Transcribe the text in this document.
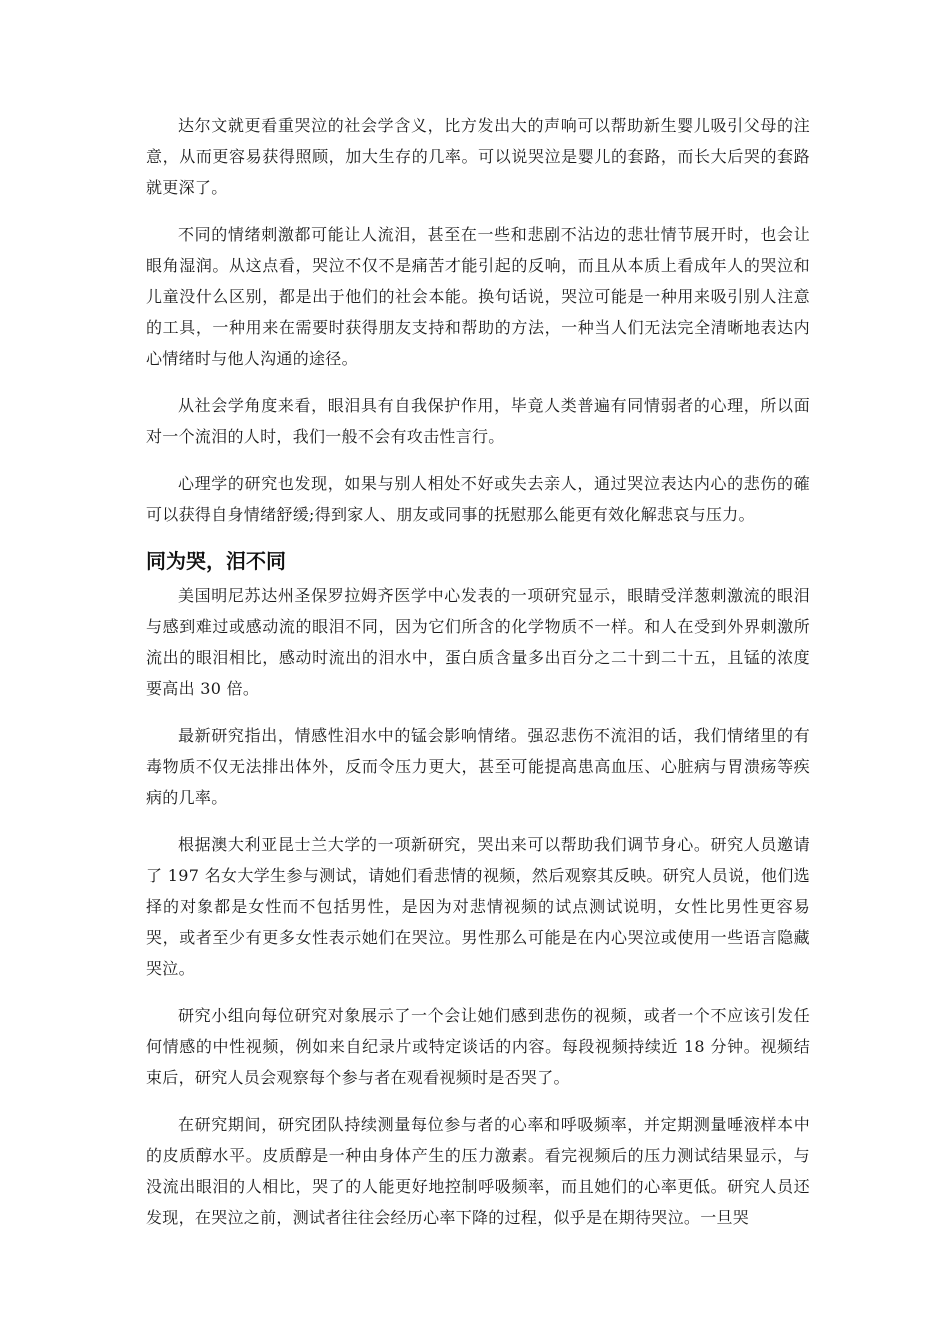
达尔文就更看重哭泣的社会学含义，比方发出大的声响可以帮助新生婴儿吸引父母的注意，从而更容易获得照顾，加大生存的几率。可以说哭泣是婴儿的套路，而长大后哭的套路就更深了。

不同的情绪刺激都可能让人流泪，甚至在一些和悲剧不沾边的悲壮情节展开时，也会让眼角湿润。从这点看，哭泣不仅不是痛苦才能引起的反响，而且从本质上看成年人的哭泣和儿童没什么区别，都是出于他们的社会本能。换句话说，哭泣可能是一种用来吸引别人注意的工具，一种用来在需要时获得朋友支持和帮助的方法，一种当人们无法完全清晰地表达内心情绪时与他人沟通的途径。

从社会学角度来看，眼泪具有自我保护作用，毕竟人类普遍有同情弱者的心理，所以面对一个流泪的人时，我们一般不会有攻击性言行。

心理学的研究也发现，如果与别人相处不好或失去亲人，通过哭泣表达内心的悲伤的確可以获得自身情绪舒缓;得到家人、朋友或同事的抚慰那么能更有效化解悲哀与压力。

同为哭，泪不同

美国明尼苏达州圣保罗拉姆齐医学中心发表的一项研究显示，眼睛受洋葱刺激流的眼泪与感到难过或感动流的眼泪不同，因为它们所含的化学物质不一样。和人在受到外界刺激所流出的眼泪相比，感动时流出的泪水中，蛋白质含量多出百分之二十到二十五，且锰的浓度要高出 30 倍。

最新研究指出，情感性泪水中的锰会影响情绪。强忍悲伤不流泪的话，我们情绪里的有毒物质不仅无法排出体外，反而令压力更大，甚至可能提高患高血压、心脏病与胃溃疡等疾病的几率。

根据澳大利亚昆士兰大学的一项新研究，哭出来可以帮助我们调节身心。研究人员邀请了 197 名女大学生参与测试，请她们看悲情的视频，然后观察其反映。研究人员说，他们选择的对象都是女性而不包括男性，是因为对悲情视频的试点测试说明，女性比男性更容易哭，或者至少有更多女性表示她们在哭泣。男性那么可能是在内心哭泣或使用一些语言隐藏哭泣。

研究小组向每位研究对象展示了一个会让她们感到悲伤的视频，或者一个不应该引发任何情感的中性视频，例如来自纪录片或特定谈话的内容。每段视频持续近 18 分钟。视频结束后，研究人员会观察每个参与者在观看视频时是否哭了。

在研究期间，研究团队持续测量每位参与者的心率和呼吸频率，并定期测量唾液样本中的皮质醇水平。皮质醇是一种由身体产生的压力激素。看完视频后的压力测试结果显示，与没流出眼泪的人相比，哭了的人能更好地控制呼吸频率，而且她们的心率更低。研究人员还发现，在哭泣之前，测试者往往会经历心率下降的过程，似乎是在期待哭泣。一旦哭
